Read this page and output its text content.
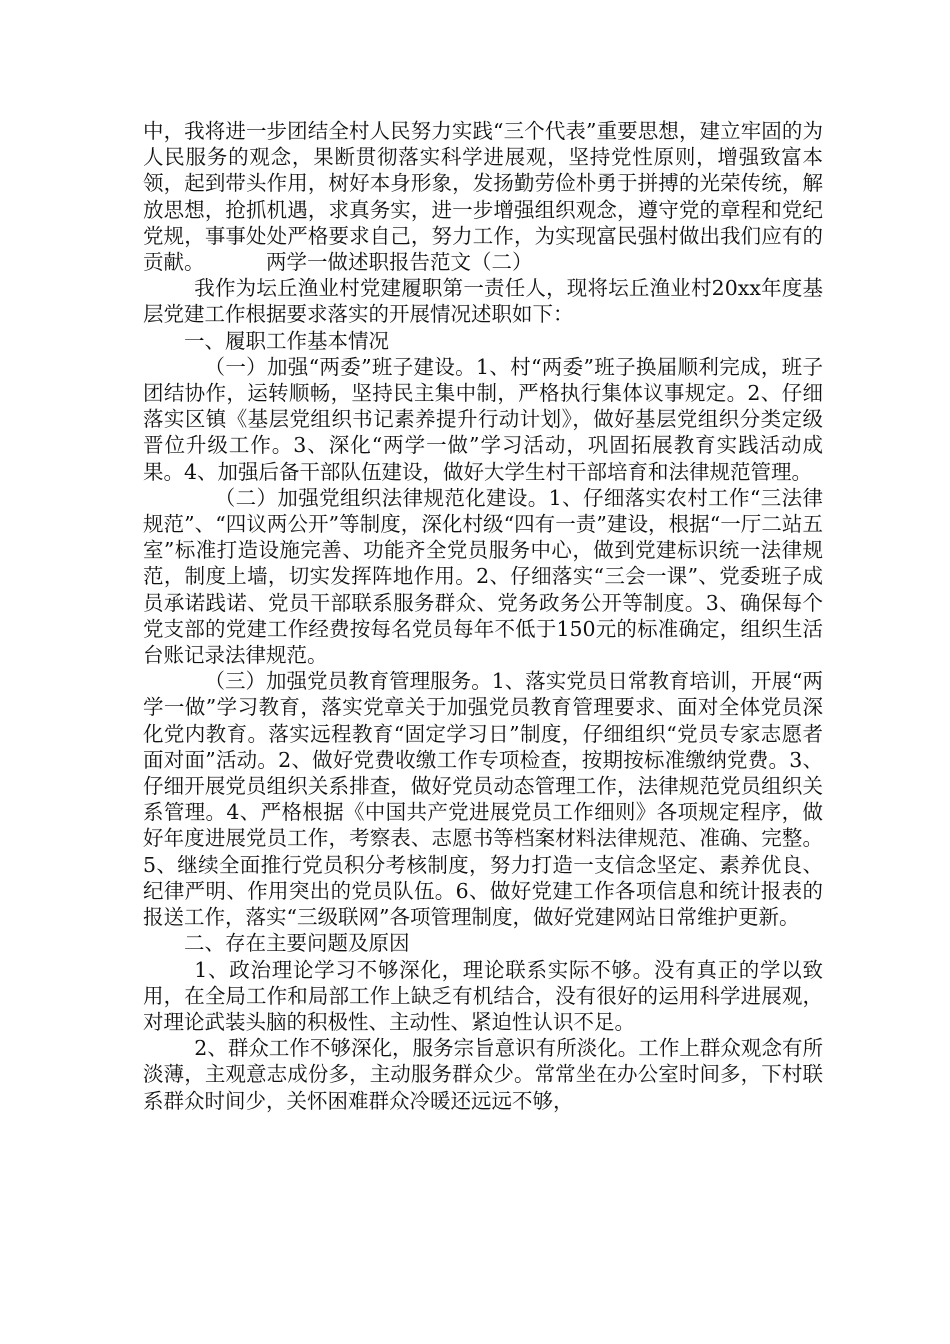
中，我将进一步团结全村人民努力实践“三个代表”重要思想，建立牢固的为人民服务的观念，果断贯彻落实科学进展观，坚持党性原则，增强致富本领，起到带头作用，树好本身形象，发扬勤劳俭朴勇于拼搏的光荣传统，解放思想，抢抓机遇，求真务实，进一步增强组织观念，遵守党的章程和党纪党规，事事处处严格要求自己，努力工作，为实现富民强村做出我们应有的贡献。	两学一做述职报告范文（二）

我作为坛丘渔业村党建履职第一责任人，现将坛丘渔业村20xx年度基层党建工作根据要求落实的开展情况述职如下：

一、履职工作基本情况

（一）加强“两委”班子建设。1、村“两委”班子换届顺利完成，班子团结协作，运转顺畅，坚持民主集中制，严格执行集体议事规定。2、仔细落实区镇《基层党组织书记素养提升行动计划》，做好基层党组织分类定级晋位升级工作。3、深化“两学一做”学习活动，巩固拓展教育实践活动成果。4、加强后备干部队伍建设，做好大学生村干部培育和法律规范管理。

（二）加强党组织法律规范化建设。1、仔细落实农村工作“三法律规范”、“四议两公开”等制度，深化村级“四有一责”建设，根据“一厅二站五室”标准打造设施完善、功能齐全党员服务中心，做到党建标识统一法律规范，制度上墙，切实发挥阵地作用。2、仔细落实“三会一课”、党委班子成员承诺践诺、党员干部联系服务群众、党务政务公开等制度。3、确保每个党支部的党建工作经费按每名党员每年不低于150元的标准确定，组织生活台账记录法律规范。

（三）加强党员教育管理服务。1、落实党员日常教育培训，开展“两学一做”学习教育，落实党章关于加强党员教育管理要求、面对全体党员深化党内教育。落实远程教育“固定学习日”制度，仔细组织“党员专家志愿者面对面”活动。2、做好党费收缴工作专项检查，按期按标准缴纳党费。3、仔细开展党员组织关系排查，做好党员动态管理工作，法律规范党员组织关系管理。4、严格根据《中国共产党进展党员工作细则》各项规定程序，做好年度进展党员工作，考察表、志愿书等档案材料法律规范、准确、完整。5、继续全面推行党员积分考核制度，努力打造一支信念坚定、素养优良、纪律严明、作用突出的党员队伍。6、做好党建工作各项信息和统计报表的报送工作，落实“三级联网”各项管理制度，做好党建网站日常维护更新。

二、存在主要问题及原因

1、政治理论学习不够深化，理论联系实际不够。没有真正的学以致用，在全局工作和局部工作上缺乏有机结合，没有很好的运用科学进展观，对理论武装头脑的积极性、主动性、紧迫性认识不足。

2、群众工作不够深化，服务宗旨意识有所淡化。工作上群众观念有所淡薄，主观意志成份多，主动服务群众少。常常坐在办公室时间多，下村联系群众时间少，关怀困难群众冷暖还远远不够，
